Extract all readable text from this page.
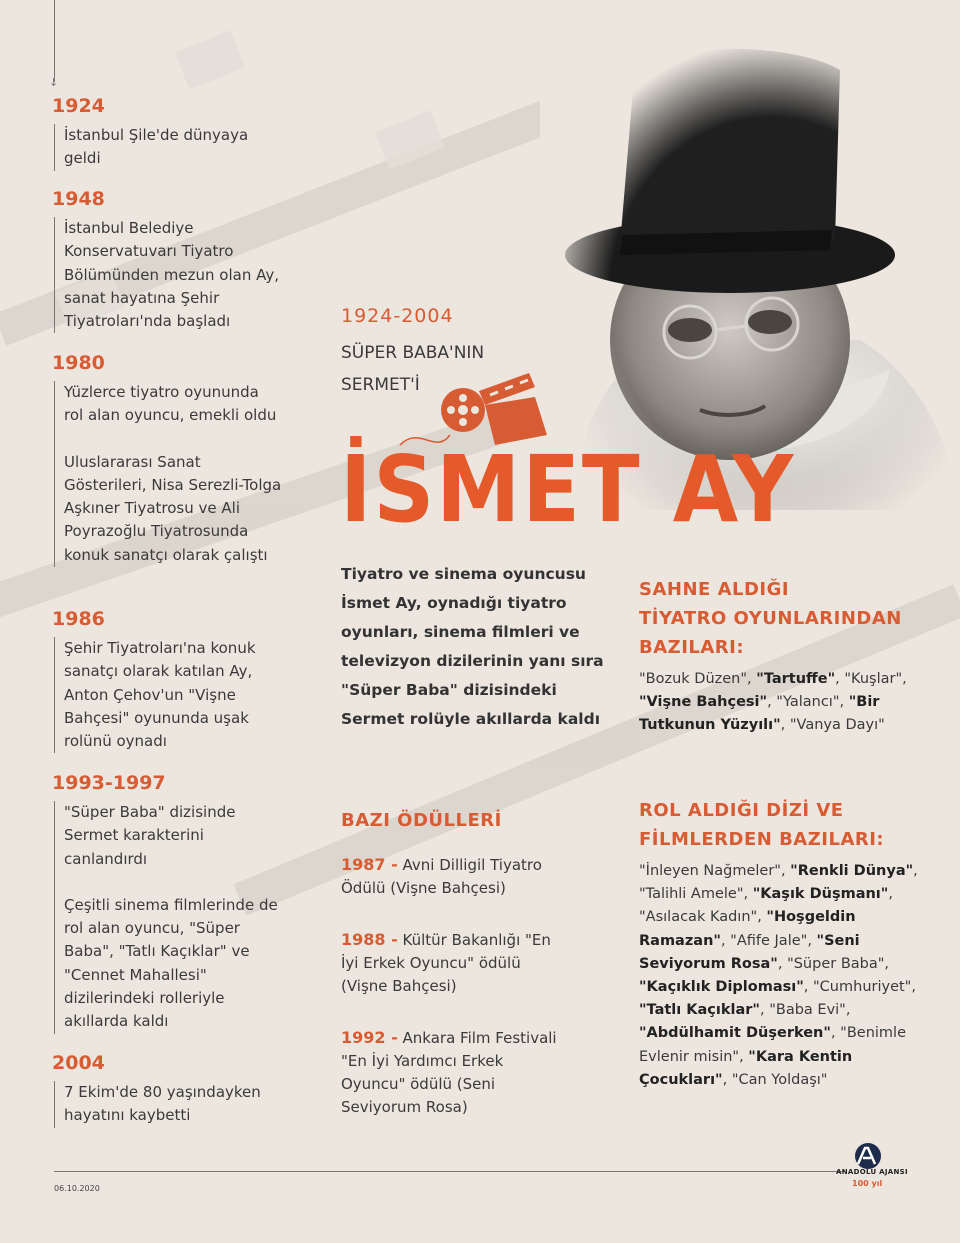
↓
1924

İstanbul Şile'de dünyaya geldi

1948

İstanbul Belediye Konservatuvarı Tiyatro Bölümünden mezun olan Ay, sanat hayatına Şehir Tiyatroları'nda başladı

1980

Yüzlerce tiyatro oyununda rol alan oyuncu, emekli oldu

Uluslararası Sanat Gösterileri, Nisa Serezli-Tolga Aşkıner Tiyatrosu ve Ali Poyrazoğlu Tiyatrosunda konuk sanatçı olarak çalıştı

1986

Şehir Tiyatroları'na konuk sanatçı olarak katılan Ay, Anton Çehov'un "Vişne Bahçesi" oyununda uşak rolünü oynadı

1993-1997

"Süper Baba" dizisinde Sermet karakterini canlandırdı

Çeşitli sinema filmlerinde de rol alan oyuncu, "Süper Baba", "Tatlı Kaçıklar" ve "Cennet Mahallesi" dizilerindeki rolleriyle akıllarda kaldı

2004

7 Ekim'de 80 yaşındayken hayatını kaybetti

1924-2004
SÜPER BABA'NIN
SERMET'İ
İSMET AY
Tiyatro ve sinema oyuncusu İsmet Ay, oynadığı tiyatro oyunları, sinema filmleri ve televizyon dizilerinin yanı sıra "Süper Baba" dizisindeki Sermet rolüyle akıllarda kaldı
BAZI ÖDÜLLERİ
1987 - Avni Dilligil Tiyatro Ödülü (Vişne Bahçesi)
1988 - Kültür Bakanlığı "En İyi Erkek Oyuncu" ödülü (Vişne Bahçesi)
1992 - Ankara Film Festivali "En İyi Yardımcı Erkek Oyuncu" ödülü (Seni Seviyorum Rosa)
SAHNE ALDIĞI
TİYATRO OYUNLARINDAN
BAZILARI:
"Bozuk Düzen", "Tartuffe", "Kuşlar", "Vişne Bahçesi", "Yalancı", "Bir Tutkunun Yüzyılı", "Vanya Dayı"
ROL ALDIĞI DİZİ VE
FİLMLERDEN BAZILARI:
"İnleyen Nağmeler", "Renkli Dünya", "Talihli Amele", "Kaşık Düşmanı", "Asılacak Kadın", "Hoşgeldin Ramazan", "Afife Jale", "Seni Seviyorum Rosa", "Süper Baba", "Kaçıklık Diploması", "Cumhuriyet", "Tatlı Kaçıklar", "Baba Evi", "Abdülhamit Düşerken", "Benimle Evlenir misin", "Kara Kentin Çocukları", "Can Yoldaşı"
06.10.2020
ANADOLU AJANSI
100 yıl
